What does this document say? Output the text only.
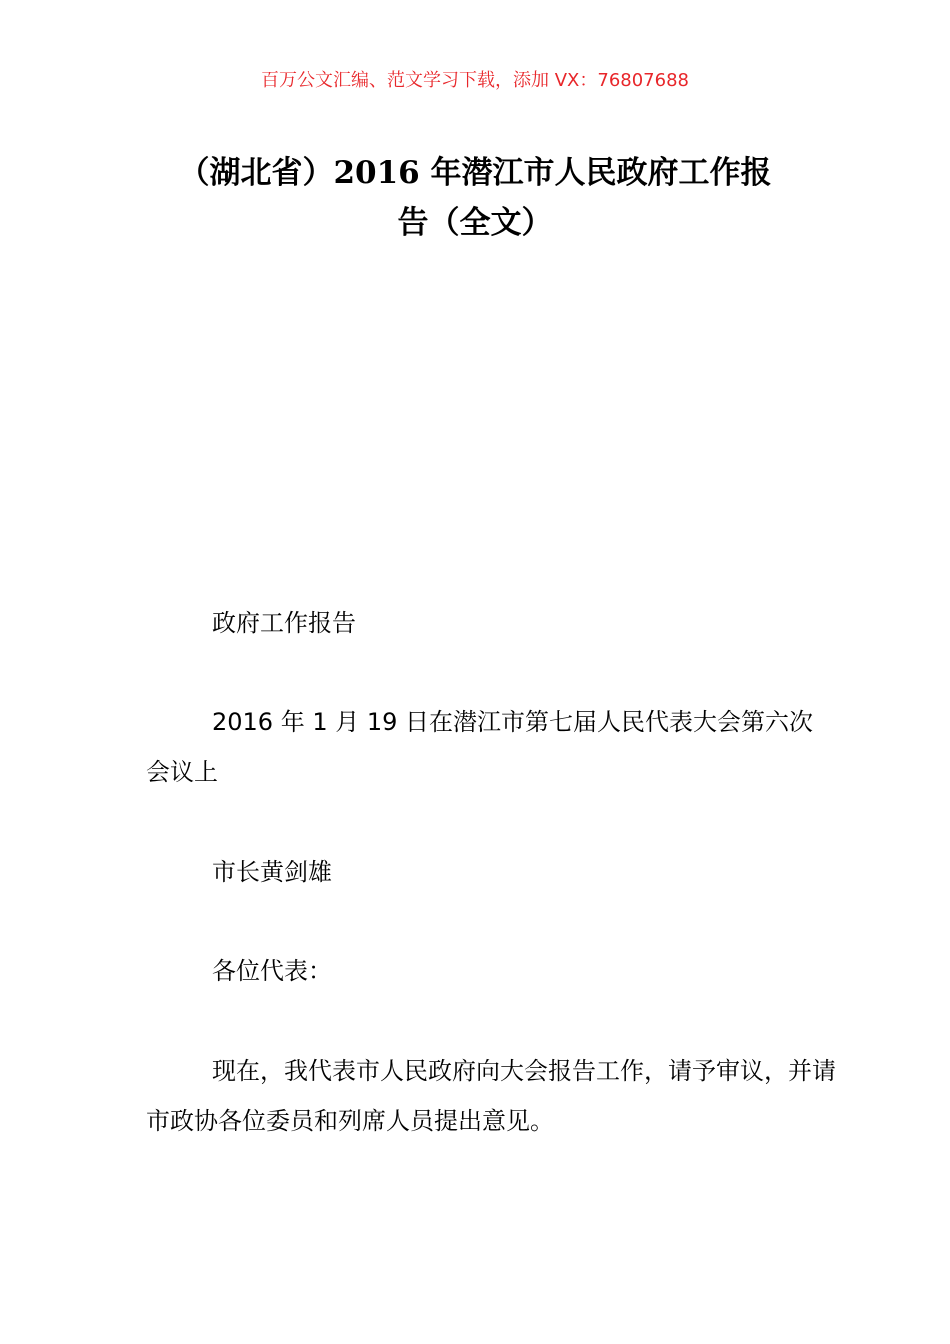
百万公文汇编、范文学习下载，添加 VX：76807688
（湖北省）2016 年潜江市人民政府工作报
告（全文）

政府工作报告

2016 年 1 月 19 日在潜江市第七届人民代表大会第六次会议上

市长黄剑雄

各位代表：

现在，我代表市人民政府向大会报告工作，请予审议，并请市政协各位委员和列席人员提出意见。
